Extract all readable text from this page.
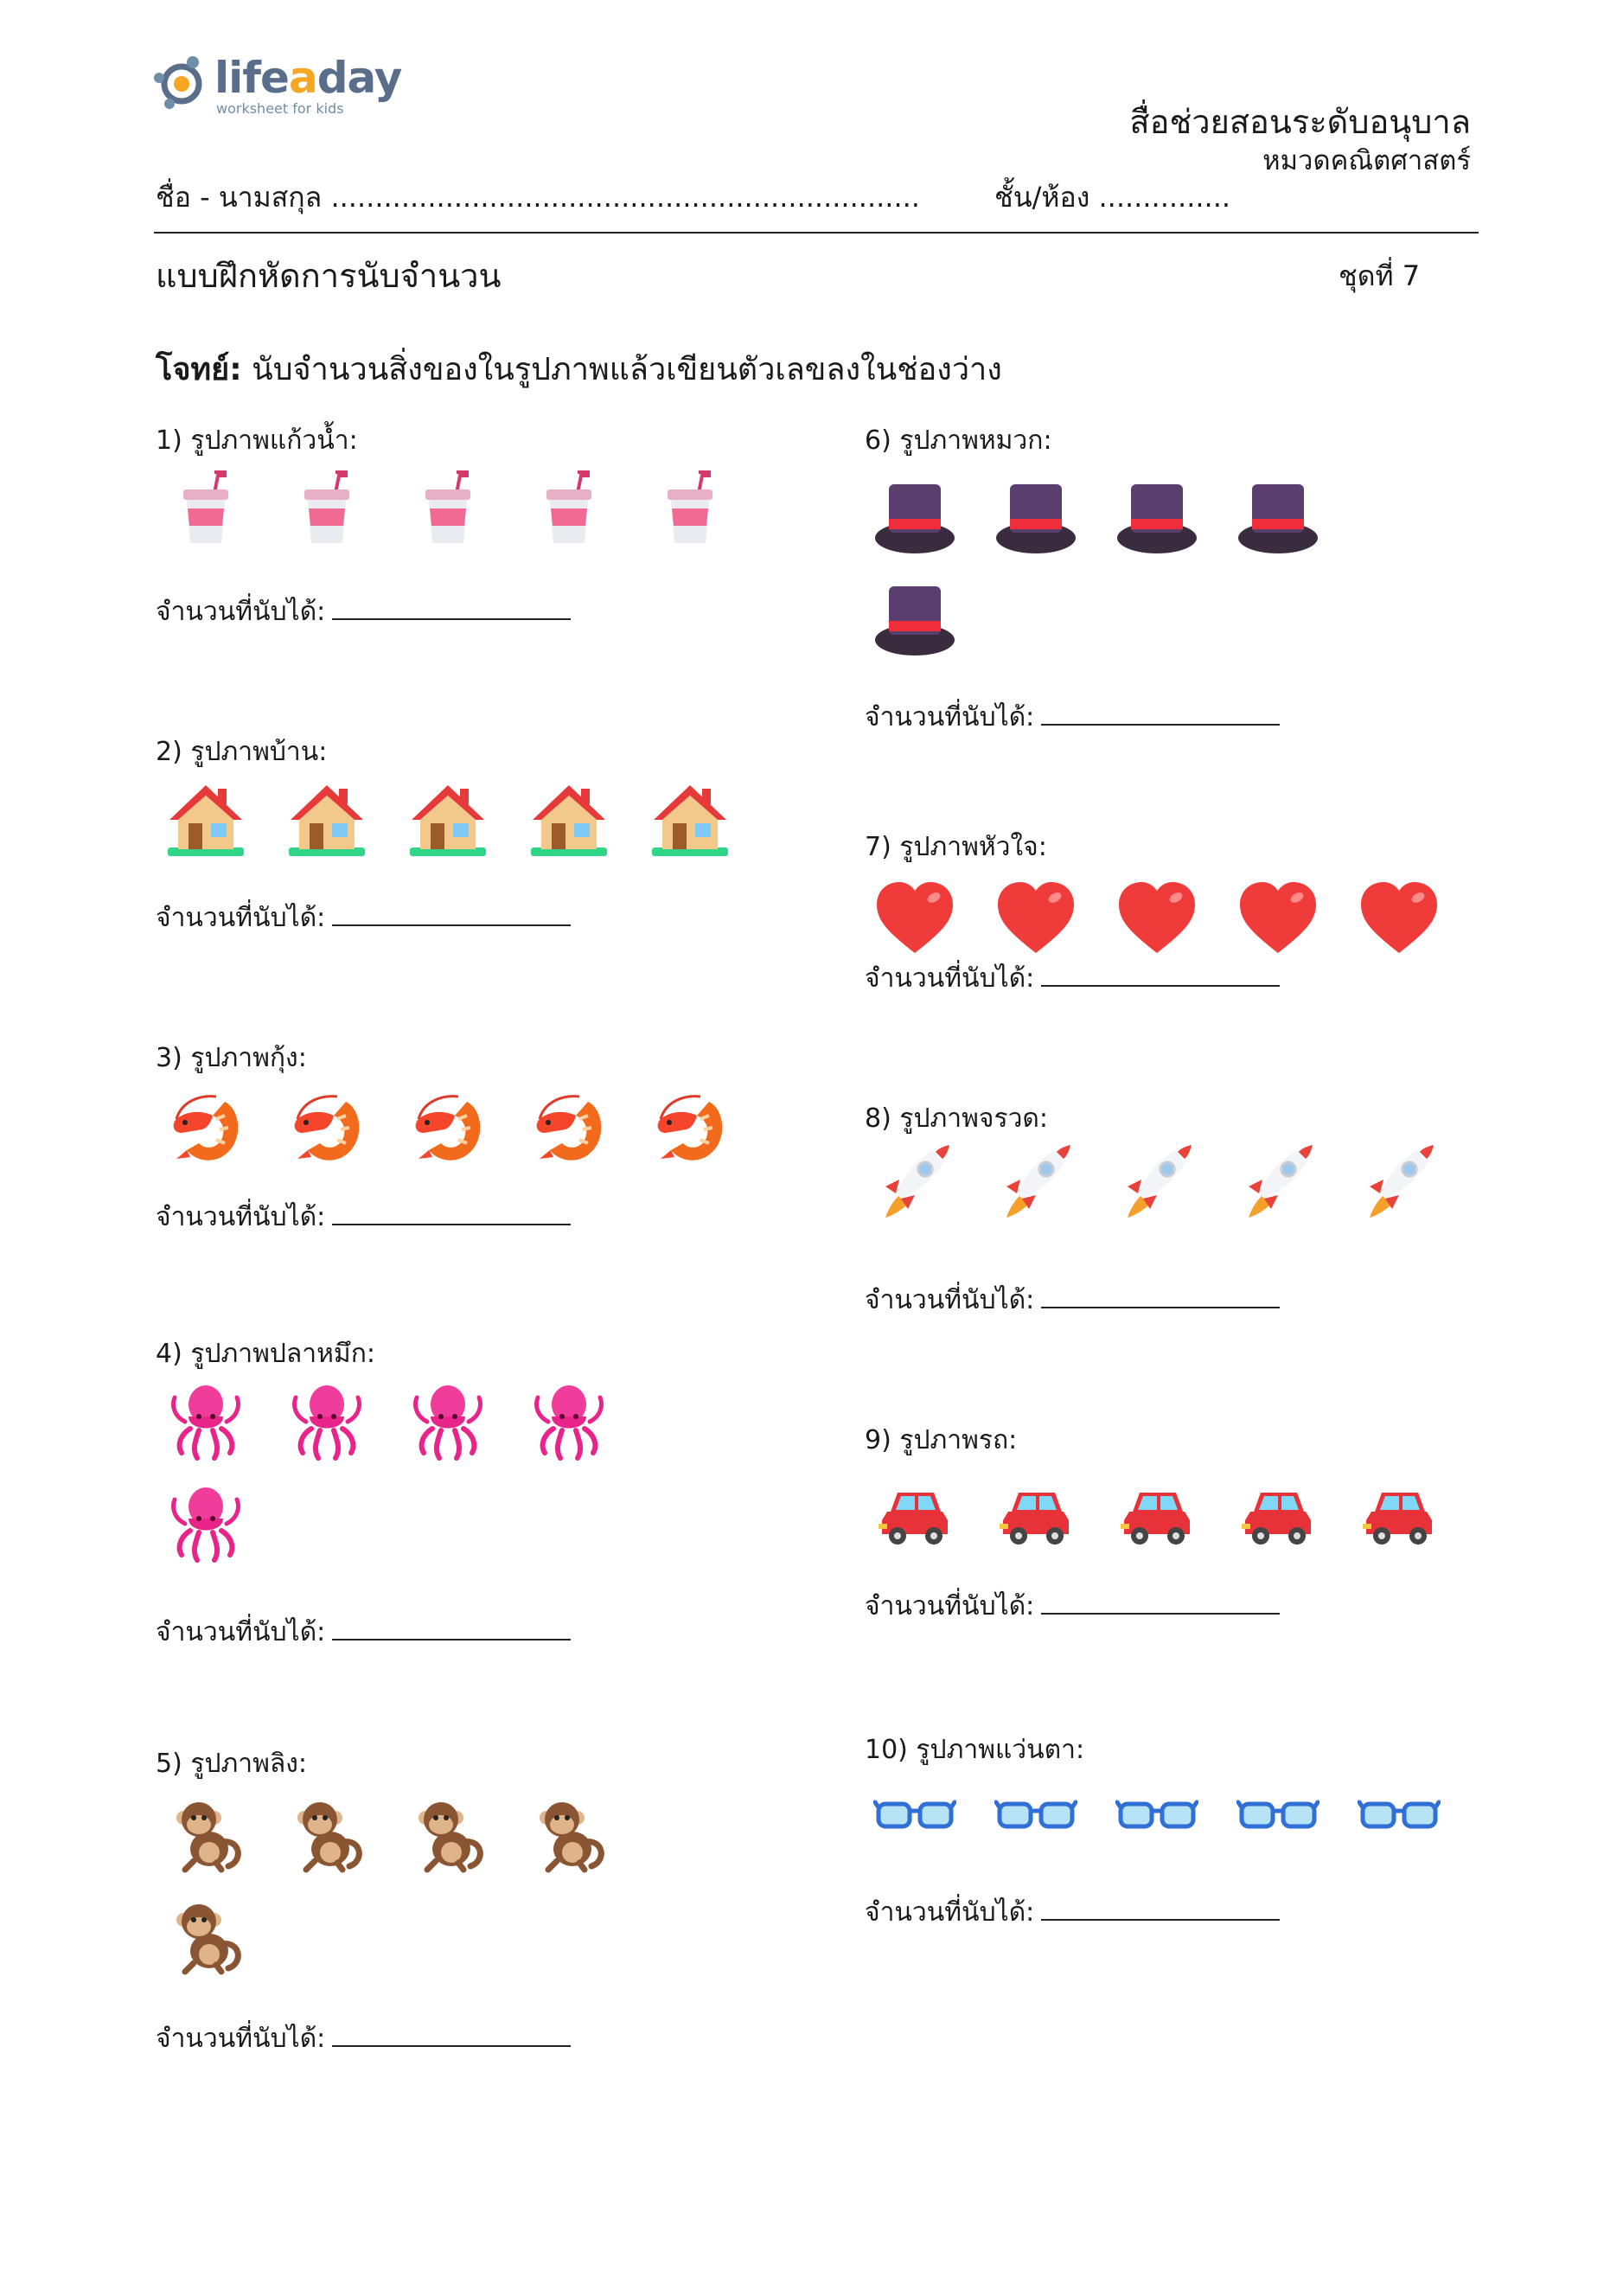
lifeaday
worksheet for kids	สื่อช่วยสอนระดับอนุบาล
หมวดคณิตศาสตร์
ชื่อ - นามสกุล ...................................................................	ชั้น/ห้อง ...............
แบบฝึกหัดการนับจำนวน	ชุดที่ 7
โจทย์: นับจำนวนสิ่งของในรูปภาพแล้วเขียนตัวเลขลงในช่องว่าง
1) รูปภาพแก้วน้ำ:
จำนวนที่นับได้:
2) รูปภาพบ้าน:
จำนวนที่นับได้:
3) รูปภาพกุ้ง:
จำนวนที่นับได้:
4) รูปภาพปลาหมึก:
จำนวนที่นับได้:
5) รูปภาพลิง:
จำนวนที่นับได้:
6) รูปภาพหมวก:
จำนวนที่นับได้:
7) รูปภาพหัวใจ:
จำนวนที่นับได้:
8) รูปภาพจรวด:
จำนวนที่นับได้:
9) รูปภาพรถ:
จำนวนที่นับได้:
10) รูปภาพแว่นตา:
จำนวนที่นับได้:
